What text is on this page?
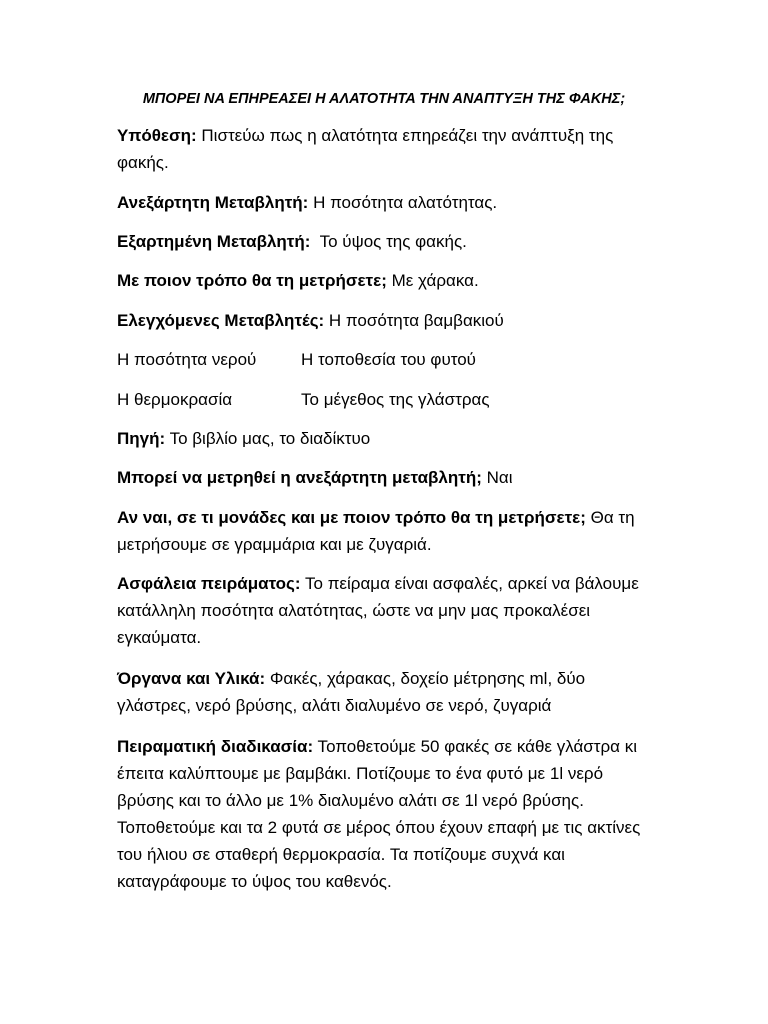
ΜΠΟΡΕΙ ΝΑ ΕΠΗΡΕΑΣΕΙ Η ΑΛΑΤΟΤΗΤΑ ΤΗΝ ΑΝΑΠΤΥΞΗ ΤΗΣ ΦΑΚΗΣ;
Υπόθεση: Πιστεύω πως η αλατότητα επηρεάζει την ανάπτυξη της φακής.
Ανεξάρτητη Μεταβλητή: Η ποσότητα αλατότητας.
Εξαρτημένη Μεταβλητή:  Το ύψος της φακής.
Με ποιον τρόπο θα τη μετρήσετε; Με χάρακα.
Ελεγχόμενες Μεταβλητές: Η ποσότητα βαμβακιού
Η ποσότητα νερού	Η τοποθεσία του φυτού
Η θερμοκρασία	Το μέγεθος της γλάστρας
Πηγή: Το βιβλίο μας, το διαδίκτυο
Μπορεί να μετρηθεί η ανεξάρτητη μεταβλητή; Ναι
Αν ναι, σε τι μονάδες και με ποιον τρόπο θα τη μετρήσετε; Θα τη μετρήσουμε σε γραμμάρια και με ζυγαριά.
Ασφάλεια πειράματος: Το πείραμα είναι ασφαλές, αρκεί να βάλουμε κατάλληλη ποσότητα αλατότητας, ώστε να μην μας προκαλέσει εγκαύματα.
Όργανα και Υλικά: Φακές, χάρακας, δοχείο μέτρησης ml, δύο γλάστρες, νερό βρύσης, αλάτι διαλυμένο σε νερό, ζυγαριά
Πειραματική διαδικασία: Τοποθετούμε 50 φακές σε κάθε γλάστρα κι έπειτα καλύπτουμε με βαμβάκι. Ποτίζουμε το ένα φυτό με 1l νερό βρύσης και το άλλο με 1% διαλυμένο αλάτι σε 1l νερό βρύσης. Τοποθετούμε και τα 2 φυτά σε μέρος όπου έχουν επαφή με τις ακτίνες του ήλιου σε σταθερή θερμοκρασία. Τα ποτίζουμε συχνά και καταγράφουμε το ύψος του καθενός.
